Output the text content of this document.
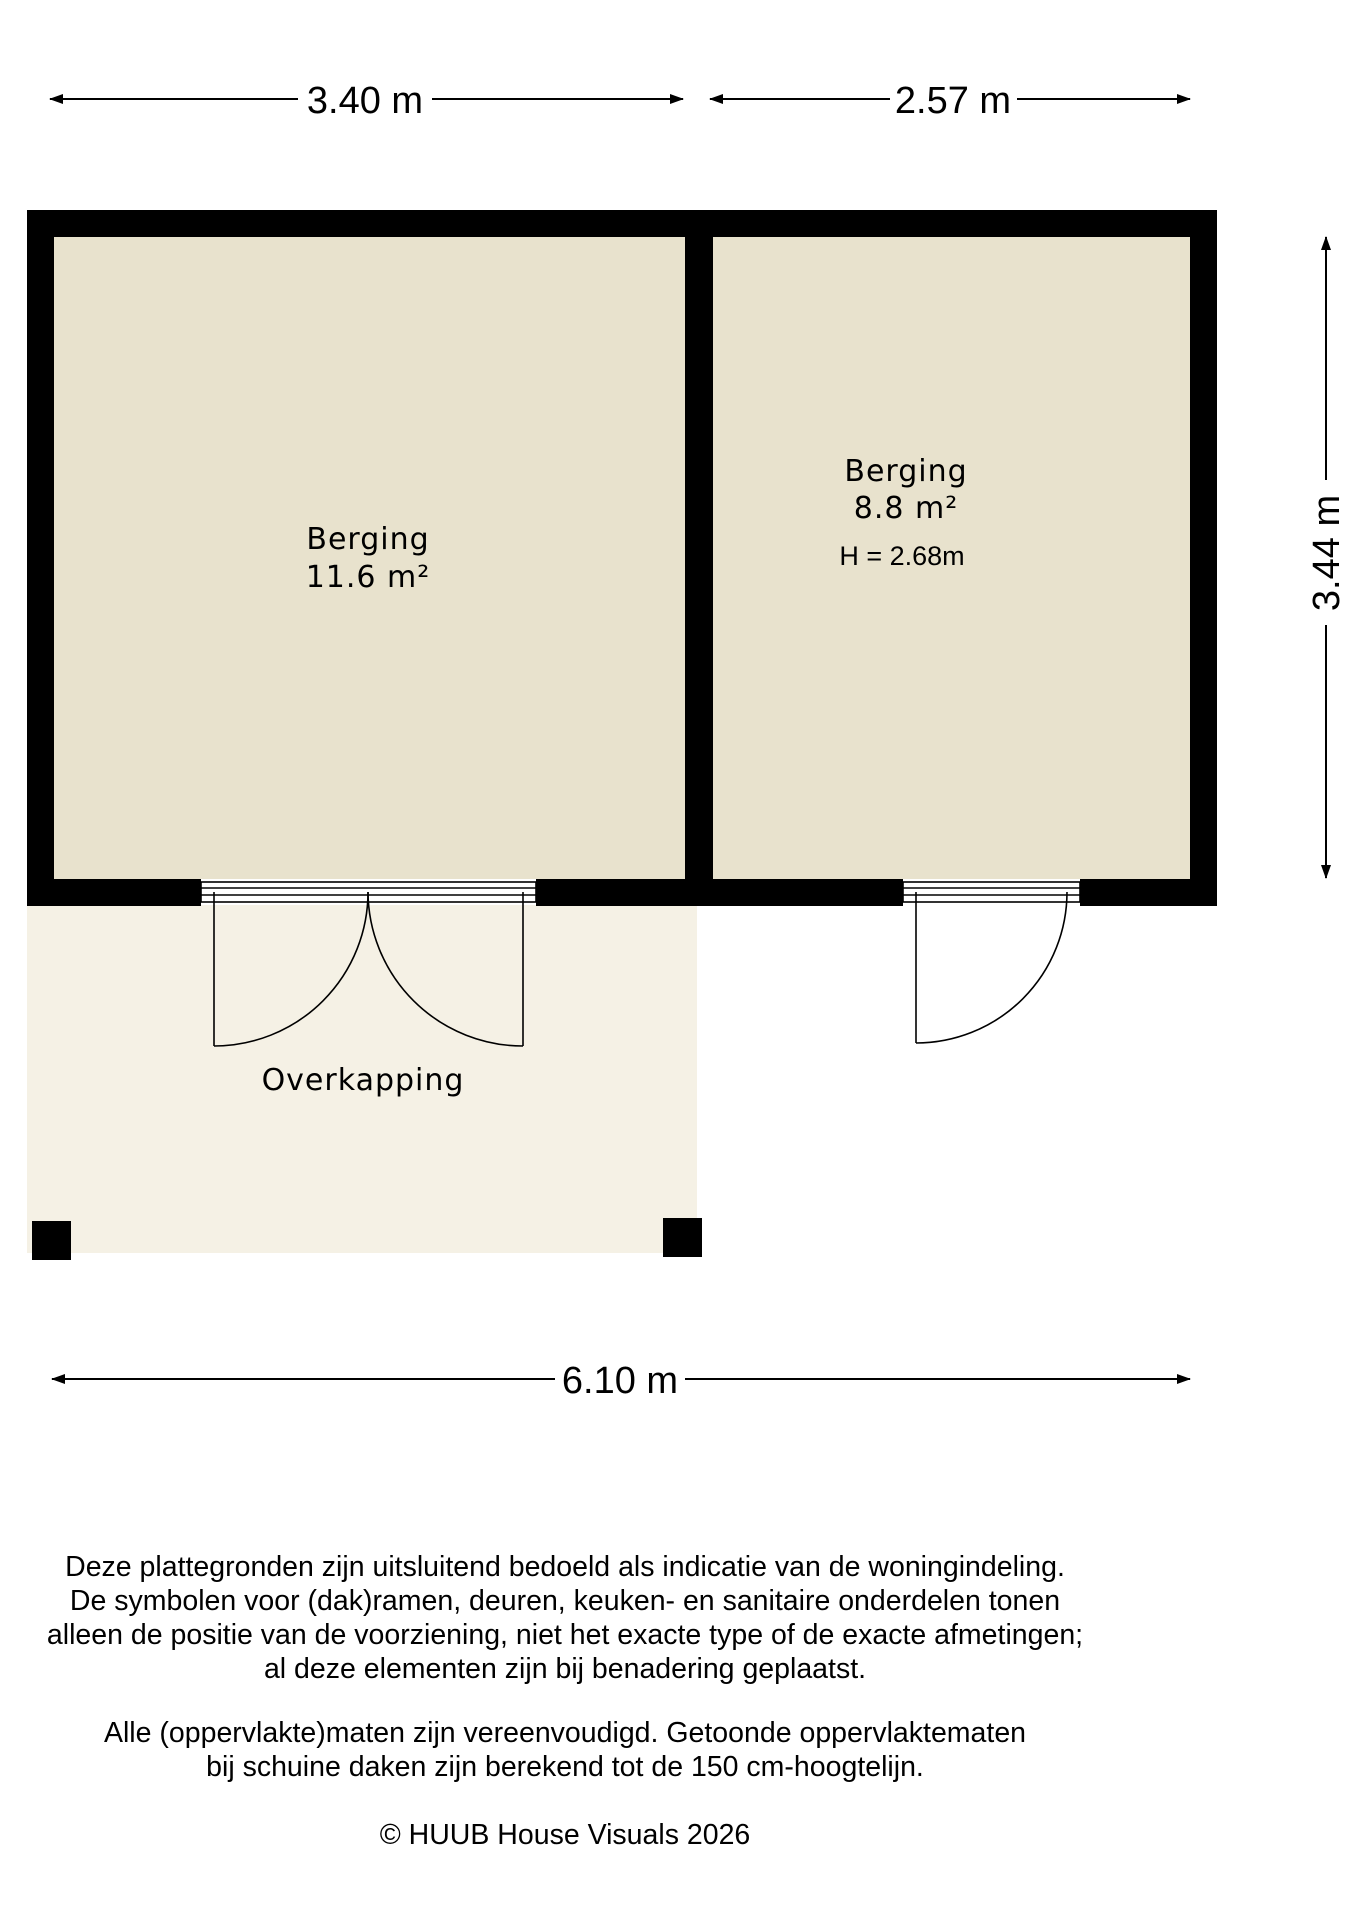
3.40 m	2.57 m
3.44 m
6.10 m
Berging
11.6 m²
Berging
8.8 m²
H = 2.68m
Overkapping

Deze plattegronden zijn uitsluitend bedoeld als indicatie van de woningindeling.

De symbolen voor (dak)ramen, deuren, keuken- en sanitaire onderdelen tonen

alleen de positie van de voorziening, niet het exacte type of de exacte afmetingen;

al deze elementen zijn bij benadering geplaatst.

Alle (oppervlakte)maten zijn vereenvoudigd. Getoonde oppervlaktematen

bij schuine daken zijn berekend tot de 150 cm-hoogtelijn.

© HUUB House Visuals 2026
